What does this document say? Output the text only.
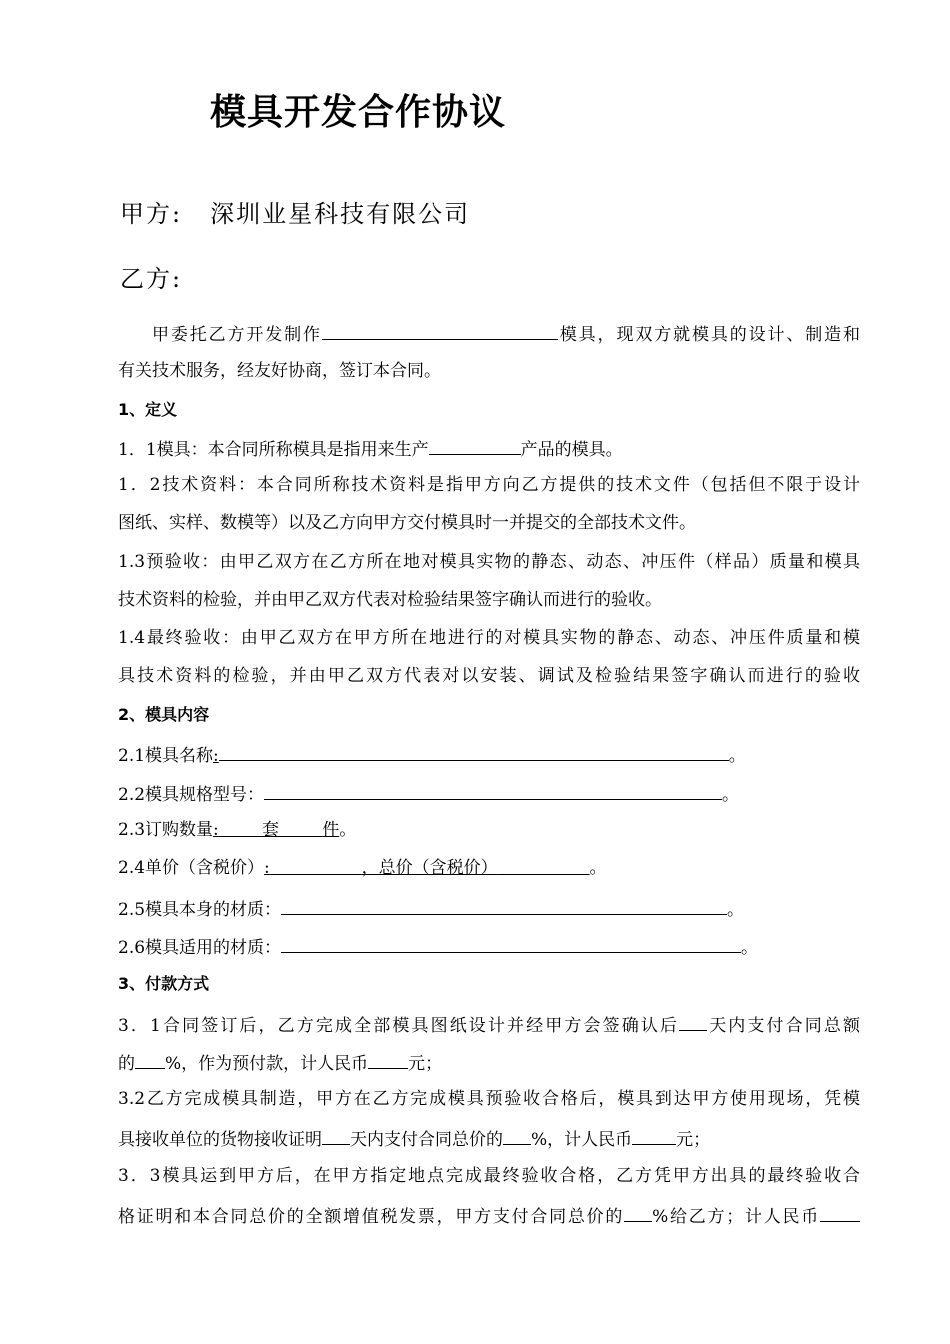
模具开发合作协议
甲方: 深圳业星科技有限公司
乙方:
甲委托乙方开发制作	模具，现双方就模具的设计、制造和
有关技术服务，经友好协商，签订本合同。
1、定义
1．1模具：本合同所称模具是指用来生产	产品的模具。
1．2技术资料：本合同所称技术资料是指甲方向乙方提供的技术文件（包括但不限于设计
图纸、实样、数模等）以及乙方向甲方交付模具时一并提交的全部技术文件。
1.3预验收：由甲乙双方在乙方所在地对模具实物的静态、动态、冲压件（样品）质量和模具
技术资料的检验，并由甲乙双方代表对检验结果签字确认而进行的验收。
1.4最终验收：由甲乙双方在甲方所在地进行的对模具实物的静态、动态、冲压件质量和模
具技术资料的检验，并由甲乙双方代表对以安装、调试及检验结果签字确认而进行的验收
2、模具内容
2.1模具名称:	。
2.2模具规格型号：	。
2.3订购数量:	套	件。
2.4单价（含税价）:	，总价（含税价）	。
2.5模具本身的材质：	。
2.6模具适用的材质：	。
3、付款方式
3．1合同签订后，乙方完成全部模具图纸设计并经甲方会签确认后 天内支付合同总额
的 %，作为预付款，计人民币 元；
3.2乙方完成模具制造，甲方在乙方完成模具预验收合格后，模具到达甲方使用现场，凭模
具接收单位的货物接收证明 天内支付合同总价的 %，计人民币	元；
3．3模具运到甲方后，在甲方指定地点完成最终验收合格，乙方凭甲方出具的最终验收合
格证明和本合同总价的全额增值税发票，甲方支付合同总价的 %给乙方；计人民币
